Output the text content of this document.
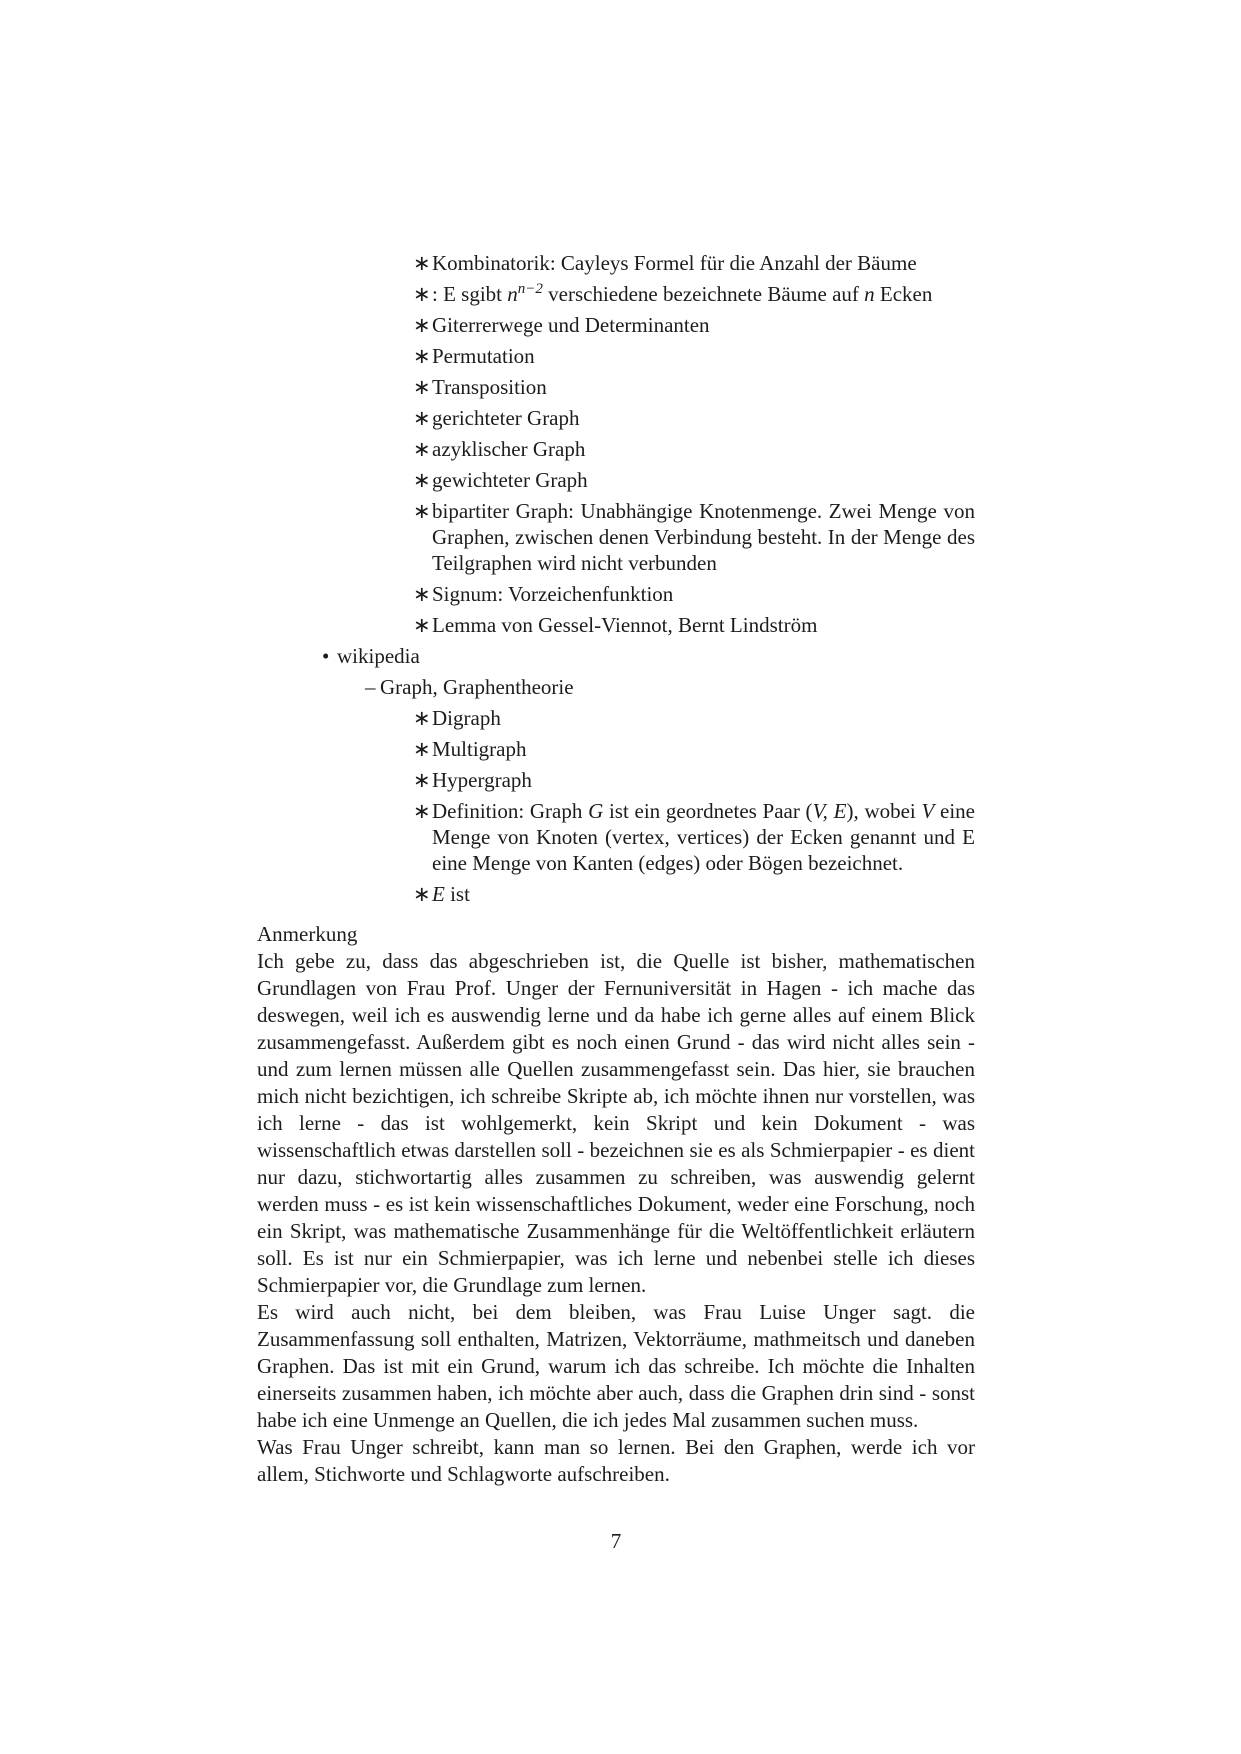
∗ Kombinatorik: Cayleys Formel für die Anzahl der Bäume
∗ : E sgibt $n^{n-2}$ verschiedene bezeichnete Bäume auf n Ecken
∗ Giterrerwege und Determinanten
∗ Permutation
∗ Transposition
∗ gerichteter Graph
∗ azyklischer Graph
∗ gewichteter Graph
∗ bipartiter Graph: Unabhängige Knotenmenge. Zwei Menge von Graphen, zwischen denen Verbindung besteht. In der Menge des Teilgraphen wird nicht verbunden
∗ Signum: Vorzeichenfunktion
∗ Lemma von Gessel-Viennot, Bernt Lindström
• wikipedia
– Graph, Graphentheorie
∗ Digraph
∗ Multigraph
∗ Hypergraph
∗ Definition: Graph G ist ein geordnetes Paar (V, E), wobei V eine Menge von Knoten (vertex, vertices) der Ecken genannt und E eine Menge von Kanten (edges) oder Bögen bezeichnet.
∗ E ist
Anmerkung

Ich gebe zu, dass das abgeschrieben ist, die Quelle ist bisher, mathematischen Grundlagen von Frau Prof. Unger der Fernuniversität in Hagen - ich mache das deswegen, weil ich es auswendig lerne und da habe ich gerne alles auf einem Blick zusammengefasst. Außerdem gibt es noch einen Grund - das wird nicht alles sein - und zum lernen müssen alle Quellen zusammengefasst sein. Das hier, sie brauchen mich nicht bezichtigen, ich schreibe Skripte ab, ich möchte ihnen nur vorstellen, was ich lerne - das ist wohlgemerkt, kein Skript und kein Dokument - was wissenschaftlich etwas darstellen soll - bezeichnen sie es als Schmierpapier - es dient nur dazu, stichwortartig alles zusammen zu schreiben, was auswendig gelernt werden muss - es ist kein wissenschaftliches Dokument, weder eine Forschung, noch ein Skript, was mathematische Zusammenhänge für die Weltöffentlichkeit erläutern soll. Es ist nur ein Schmierpapier, was ich lerne und nebenbei stelle ich dieses Schmierpapier vor, die Grundlage zum lernen.

Es wird auch nicht, bei dem bleiben, was Frau Luise Unger sagt. die Zusammenfassung soll enthalten, Matrizen, Vektorräume, mathmeitsch und daneben Graphen. Das ist mit ein Grund, warum ich das schreibe. Ich möchte die Inhalten einerseits zusammen haben, ich möchte aber auch, dass die Graphen drin sind - sonst habe ich eine Unmenge an Quellen, die ich jedes Mal zusammen suchen muss.

Was Frau Unger schreibt, kann man so lernen. Bei den Graphen, werde ich vor allem, Stichworte und Schlagworte aufschreiben.

7
